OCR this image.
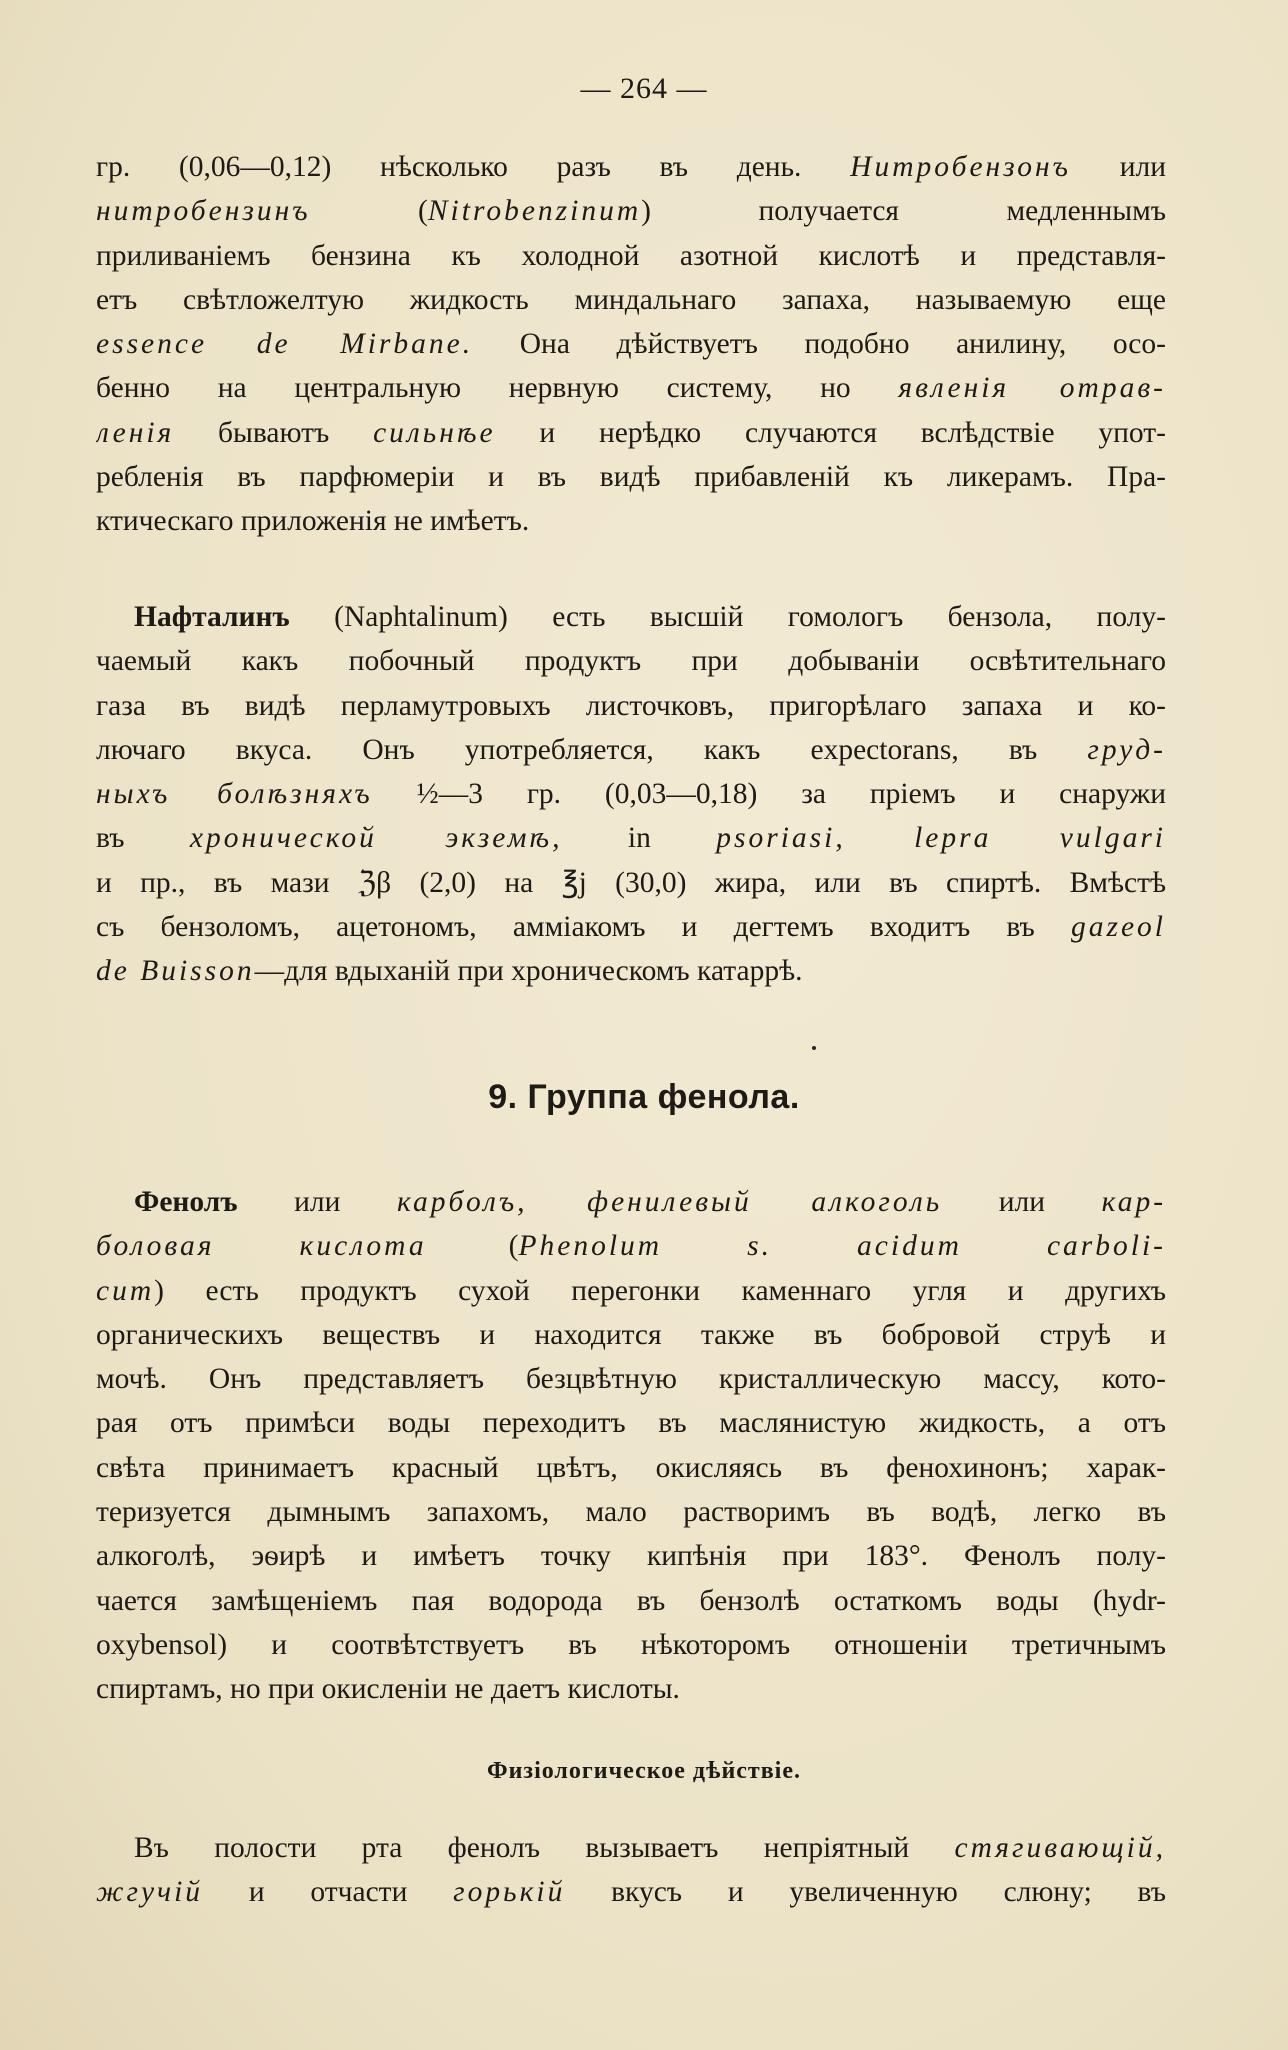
— 264 —
гр. (0,06—0,12) нѣсколько разъ въ день. Нитробензонъ или
нитробензинъ (Nitrobenzinum) получается медленнымъ
приливаніемъ бензина къ холодной азотной кислотѣ и представля-
етъ свѣтложелтую жидкость миндальнаго запаха, называемую еще
essence de Mirbane. Она дѣйствуетъ подобно анилину, осо-
бенно на центральную нервную систему, но явленія отрав-
ленія бываютъ сильнѣе и нерѣдко случаются вслѣдствіе упот-
ребленія въ парфюмеріи и въ видѣ прибавленій къ ликерамъ. Пра-
ктическаго приложенія не имѣетъ.
Нафталинъ (Naphtalinum) есть высшій гомологъ бензола, полу-
чаемый какъ побочный продуктъ при добываніи освѣтительнаго
газа въ видѣ перламутровыхъ листочковъ, пригорѣлаго запаха и ко-
лючаго вкуса. Онъ употребляется, какъ expectorans, въ груд-
ныхъ болѣзняхъ ½—3 гр. (0,03—0,18) за пріемъ и снаружи
въ хронической экземѣ, in psoriasi, lepra vulgari
и пр., въ мази ℨβ (2,0) на ℥j (30,0) жира, или въ спиртѣ. Вмѣстѣ
съ бензоломъ, ацетономъ, амміакомъ и дегтемъ входитъ въ gazeol
de Buisson—для вдыханій при хроническомъ катаррѣ.
9. Группа фенола.
Фенолъ или карболъ, фенилевый алкоголь или кар-
боловая кислота (Phenolum s. acidum carboli-
cum) есть продуктъ сухой перегонки каменнаго угля и другихъ
органическихъ веществъ и находится также въ бобровой струѣ и
мочѣ. Онъ представляетъ безцвѣтную кристаллическую массу, кото-
рая отъ примѣси воды переходитъ въ маслянистую жидкость, а отъ
свѣта принимаетъ красный цвѣтъ, окисляясь въ фенохинонъ; харак-
теризуется дымнымъ запахомъ, мало растворимъ въ водѣ, легко въ
алкоголѣ, эѳирѣ и имѣетъ точку кипѣнія при 183°. Фенолъ полу-
чается замѣщеніемъ пая водорода въ бензолѣ остаткомъ воды (hydr-
oxybensol) и соотвѣтствуетъ въ нѣкоторомъ отношеніи третичнымъ
спиртамъ, но при окисленіи не даетъ кислоты.
Физіологическое дѣйствіе.
Въ полости рта фенолъ вызываетъ непріятный стягивающій,
жгучій и отчасти горькій вкусъ и увеличенную слюну; въ
